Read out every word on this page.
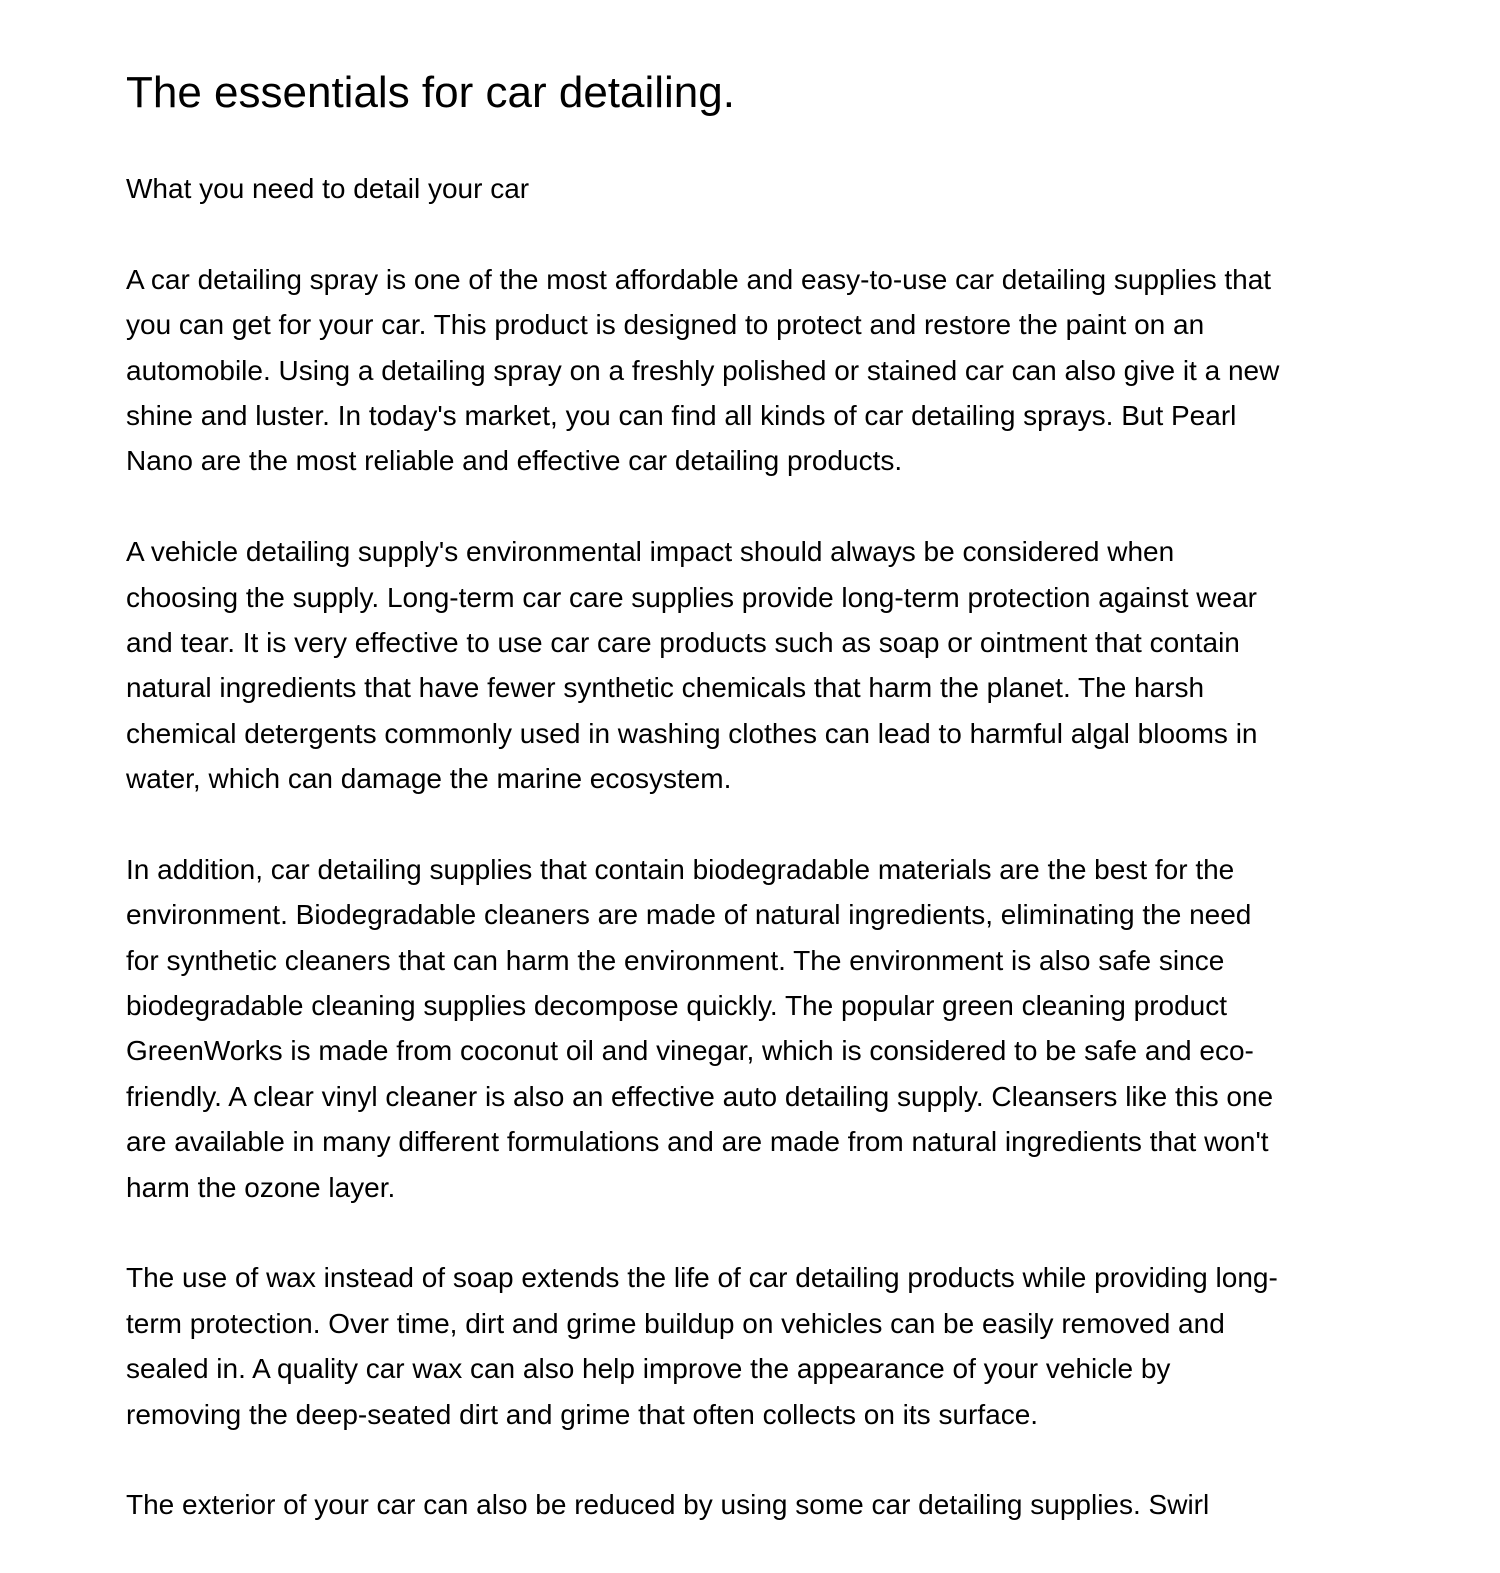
The essentials for car detailing.
What you need to detail your car
A car detailing spray is one of the most affordable and easy-to-use car detailing supplies that
you can get for your car. This product is designed to protect and restore the paint on an
automobile. Using a detailing spray on a freshly polished or stained car can also give it a new
shine and luster. In today's market, you can find all kinds of car detailing sprays. But Pearl
Nano are the most reliable and effective car detailing products.
A vehicle detailing supply's environmental impact should always be considered when
choosing the supply. Long-term car care supplies provide long-term protection against wear
and tear. It is very effective to use car care products such as soap or ointment that contain
natural ingredients that have fewer synthetic chemicals that harm the planet. The harsh
chemical detergents commonly used in washing clothes can lead to harmful algal blooms in
water, which can damage the marine ecosystem.
In addition, car detailing supplies that contain biodegradable materials are the best for the
environment. Biodegradable cleaners are made of natural ingredients, eliminating the need
for synthetic cleaners that can harm the environment. The environment is also safe since
biodegradable cleaning supplies decompose quickly. The popular green cleaning product
GreenWorks is made from coconut oil and vinegar, which is considered to be safe and eco-
friendly. A clear vinyl cleaner is also an effective auto detailing supply. Cleansers like this one
are available in many different formulations and are made from natural ingredients that won't
harm the ozone layer.
The use of wax instead of soap extends the life of car detailing products while providing long-
term protection. Over time, dirt and grime buildup on vehicles can be easily removed and
sealed in. A quality car wax can also help improve the appearance of your vehicle by
removing the deep-seated dirt and grime that often collects on its surface.
The exterior of your car can also be reduced by using some car detailing supplies. Swirl
